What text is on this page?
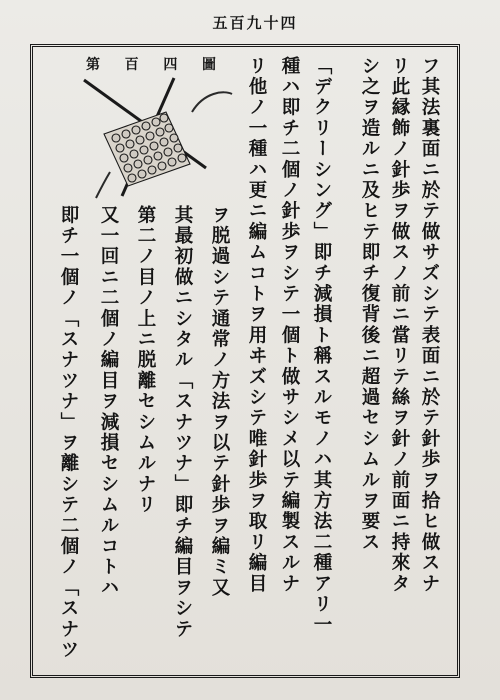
五百九十四
第 百 四 圖	フ其法裏面ニ於テ做サズシテ表面ニ於テ針歩ヲ拾ヒ做スナ
リ此縁飾ノ針歩ヲ做スノ前ニ當リテ絲ヲ針ノ前面ニ持來タ
シ之ヲ造ルニ及ヒテ即チ復背後ニ超過セシムルヲ要ス
「デクリーシング」即チ減損ト稱スルモノハ其方法二種アリ一
種ハ即チ二個ノ針歩ヲシテ一個ト做サシメ以テ編製スルナ
リ他ノ一種ハ更ニ編ムコトヲ用ヰズシテ唯針歩ヲ取リ編目
ヲ脱過シテ通常ノ方法ヲ以テ針歩ヲ編ミ又
其最初做ニシタル「スナツナ」即チ編目ヲシテ
第二ノ目ノ上ニ脱離セシムルナリ
又一回ニ二個ノ編目ヲ減損セシムルコトハ
即チ一個ノ「スナツナ」ヲ離シテ二個ノ「スナツ
